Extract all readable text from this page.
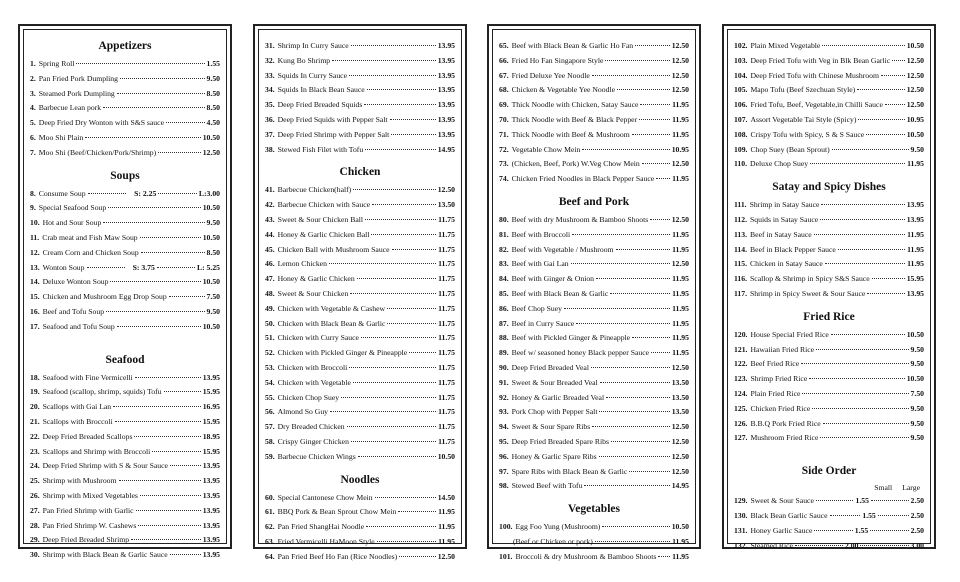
Appetizers
1. Spring Roll	1.55
2. Pan Fried Pork Dumpling	9.50
3. Steamed Pork Dumpling	8.50
4. Barbecue Lean pork	8.50
5. Deep Fried Dry Wonton with S&S sauce	4.50
6. Moo Shi Plain	10.50
7. Moo Shi (Beef/Chicken/Pork/Shrimp)	12.50
Soups
8. Consume Soup	S: 2.25	L:3.00
9. Special Seafood Soup	10.50
10. Hot and Sour Soup	9.50
11. Crab meat and Fish Maw Soup	10.50
12. Cream Corn and Chicken Soup	8.50
13. Wonton Soup	S: 3.75	L: 5.25
14. Deluxe Wonton Soup	10.50
15. Chicken and Mushroom Egg Drop Soup	7.50
16. Beef and Tofu Soup	9.50
17. Seafood and Tofu Soup	10.50
Seafood
18. Seafood with Fine Vermicelli	13.95
19. Seafood (scallop, shrimp, squids) Tofu	15.95
20. Scallops with Gai Lan	16.95
21. Scallops with Broccoli	15.95
22. Deep Fried Breaded Scallops	18.95
23. Scallops and Shrimp with Broccoli	15.95
24. Deep Fried Shrimp with S & Sour Sauce	13.95
25. Shrimp with Mushroom	13.95
26. Shrimp with Mixed Vegetables	13.95
27. Pan Fried Shrimp with Garlic	13.95
28. Pan Fried Shrimp W. Cashews	13.95
29. Deep Fried Breaded Shrimp	13.95
30. Shrimp with Black Bean & Garlic Sauce	13.95
31. Shrimp In Curry Sauce	13.95
32. Kung Bo Shrimp	13.95
33. Squids In Curry Sauce	13.95
34. Squids In Black Bean Sauce	13.95
35. Deep Fried Breaded Squids	13.95
36. Deep Fried Squids with Pepper Salt	13.95
37. Deep Fried Shrimp with Pepper Salt	13.95
38. Stewed Fish Filet with Tofu	14.95
Chicken
41. Barbecue Chicken(half)	12.50
42. Barbecue Chicken with Sauce	13.50
43. Sweet & Sour Chicken Ball	11.75
44. Honey & Garlic Chicken Ball	11.75
45. Chicken Ball with Mushroom Sauce	11.75
46. Lemon Chicken	11.75
47. Honey & Garlic Chicken	11.75
48. Sweet & Sour Chicken	11.75
49. Chicken with Vegetable & Cashew	11.75
50. Chicken with Black Bean & Garlic	11.75
51. Chicken with Curry Sauce	11.75
52. Chicken with Pickled Ginger & Pineapple	11.75
53. Chicken with Broccoli	11.75
54. Chicken with Vegetable	11.75
55. Chicken Chop Suey	11.75
56. Almond So Guy	11.75
57. Dry Breaded Chicken	11.75
58. Crispy Ginger Chicken	11.75
59. Barbecue Chicken Wings	10.50
Noodles
60. Special Cantonese Chow Mein	14.50
61. BBQ Pork & Bean Sprout Chow Mein	11.95
62. Pan Fried ShangHai Noodle	11.95
63. Fried Vermicelli HaMoon Style	11.95
64. Pan Fried Beef Ho Fan (Rice Noodles)	12.50
65. Beef with Black Bean & Garlic Ho Fan	12.50
66. Fried Ho Fan Singapore Style	12.50
67. Fried Deluxe Yee Noodle	12.50
68. Chicken & Vegetable Yee Noodle	12.50
69. Thick Noodle with Chicken, Satay Sauce	11.95
70. Thick Noodle with Beef & Black Pepper	11.95
71. Thick Noodle with Beef & Mushroom	11.95
72. Vegetable Chow Mein	10.95
73. (Chicken, Beef, Pork) W.Veg Chow Mein	12.50
74. Chicken Fried Noodles in Black Pepper Sauce 11.95
Beef and Pork
80. Beef with dry Mushroom & Bamboo Shoots	12.50
81. Beef with Broccoli	11.95
82. Beef with Vegetable / Mushroom	11.95
83. Beef with Gai Lan	12.50
84. Beef with Ginger & Onion	11.95
85. Beef with Black Bean & Garlic	11.95
86. Beef Chop Suey	11.95
87. Beef in Curry Sauce	11.95
88. Beef with Pickled Ginger & Pineapple	11.95
89. Beef w/ seasoned honey Black pepper Sauce	11.95
90. Deep Fried Breaded Veal	12.50
91. Sweet & Sour Breaded Veal	13.50
92. Honey & Garlic Breaded Veal	13.50
93. Pork Chop with Pepper Salt	13.50
94. Sweet & Sour Spare Ribs	12.50
95. Deep Fried Breaded Spare Ribs	12.50
96. Honey & Garlic Spare Ribs	12.50
97. Spare Ribs with Black Bean & Garlic	12.50
98. Stewed Beef with Tofu	14.95
Vegetables
100. Egg Foo Yung (Mushroom)	10.50
(Beef or Chicken or pork)	11.95
101. Broccoli & dry Mushroom & Bamboo Shoots 11.95
102. Plain Mixed Vegetable	10.50
103. Deep Fried Tofu with Veg in Blk Bean Garlic 12.50
104. Deep Fried Tofu with Chinese Mushroom	12.50
105. Mapo Tofu (Beef Szechuan Style)	12.50
106. Fried Tofu, Beef, Vegetable,in Chilli Sauce	12.50
107. Assort Vegetable Tai Style (Spicy)	10.95
108. Crispy Tofu with Spicy, S & S Sauce	10.50
109. Chop Suey (Bean Sprout)	9.50
110. Deluxe Chop Suey	11.95
Satay and Spicy Dishes
111. Shrimp in Satay Sauce	13.95
112. Squids in Satay Sauce	13.95
113. Beef in Satay Sauce	11.95
114. Beef in Black Pepper Sauce	11.95
115. Chicken in Satay Sauce	11.95
116. Scallop & Shrimp in Spicy S&S Sauce	15.95
117. Shrimp in Spicy Sweet & Sour Sauce	13.95
Fried Rice
120. House Special Fried Rice	10.50
121. Hawaiian Fried Rice	9.50
122. Beef Fried Rice	9.50
123. Shrimp Fried Rice	10.50
124. Plain Fried Rice	7.50
125. Chicken Fried Rice	9.50
126. B.B.Q Pork Fried Rice	9.50
127. Mushroom Fried Rice	9.50
Side Order
Small Large
129. Sweet & Sour Sauce	1.55	2.50
130. Black Bean Garlic Sauce	1.55	2.50
131. Honey Garlic Sauce	1.55	2.50
132. Steamed Rice	2.00	3.00
